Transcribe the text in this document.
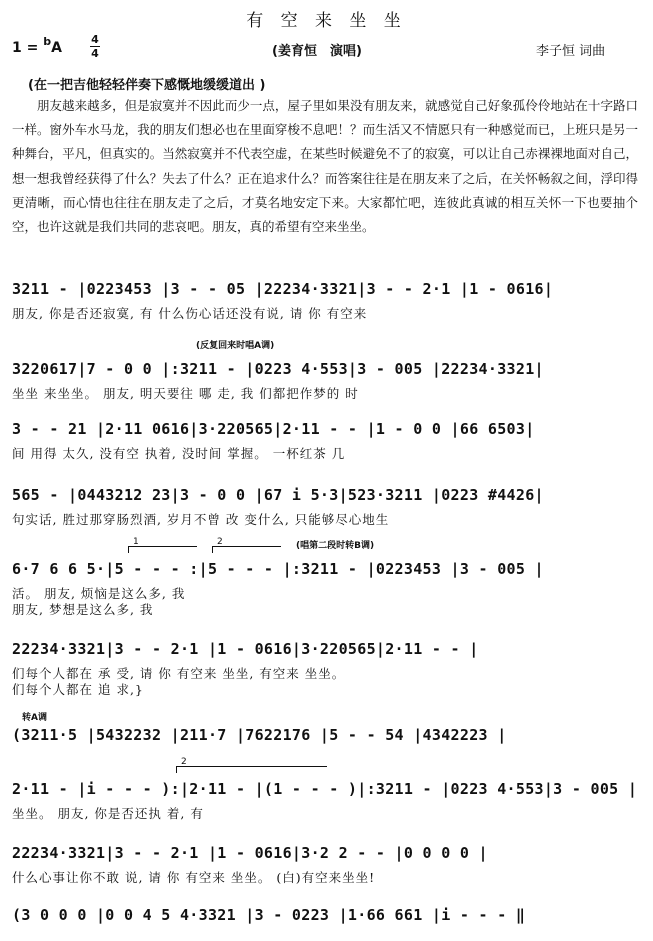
有 空 来 坐 坐
1 = $^b$A
4
4	(姜育恒　演唱)	李子恒 词曲
(在一把吉他轻轻伴奏下感慨地缓缓道出 )
朋友越来越多，但是寂寞并不因此而少一点，屋子里如果没有朋友来，就感觉自己好象孤伶伶地站在十字路口一样。窗外车水马龙，我的朋友们想必也在里面穿梭不息吧！？而生活又不情愿只有一种感觉而已，上班只是另一种舞台，平凡，但真实的。当然寂寞并不代表空虚，在某些时候避免不了的寂寞，可以让自己赤裸裸地面对自己，想一想我曾经获得了什么？失去了什么？正在追求什么？而答案往往是在朋友来了之后，在关怀畅叙之间，浮印得更清晰，而心情也往往在朋友走了之后，才莫名地安定下来。大家都忙吧，连彼此真诚的相互关怀一下也要抽个空，也许这就是我们共同的悲哀吧。朋友，真的希望有空来坐坐。
3211 - |0223453 |3 - - 05 |22234·3321|3 - - 2·1 |1 - 0616|
朋友, 你是否还寂寞, 有 什么伤心话还没有说, 请 你 有空来
(反复回来时唱A调)
3220617|7 - 0 0 |:3211 - |0223 4·553|3 - 005 |22234·3321|
坐坐 来坐坐。 朋友, 明天要往 哪 走, 我 们都把作梦的 时
3 - - 21 |2·11 0616|3·220565|2·11 - - |1 - 0 0 |66 6503|
间 用得 太久, 没有空 执着, 没时间 掌握。 一杯红茶 几
565 - |0443212 23|3 - 0 0 |67 i 5·3|523·3211 |0223 #4426|
句实话, 胜过那穿肠烈酒, 岁月不曾 改 变什么, 只能够尽心地生
1	2	(唱第二段时转B调)
6·7 6 6 5·|5 - - - :|5 - - - |:3211 - |0223453 |3 - 005 |
活。 朋友, 烦恼是这么多, 我
朋友, 梦想是这么多, 我
22234·3321|3 - - 2·1 |1 - 0616|3·220565|2·11 - - |
们每个人都在 承 受, 请 你 有空来 坐坐, 有空来 坐坐。
们每个人都在 追 求,}
转A调
(3211·5 |5432232 |211·7 |7622176 |5 - - 54 |4342223 |
2
2·11 - |i - - - ):|2·11 - |(1 - - - )|:3211 - |0223 4·553|3 - 005 |
坐坐。 朋友, 你是否还执 着, 有
22234·3321|3 - - 2·1 |1 - 0616|3·2 2 - - |0 0 0 0 |
什么心事让你不敢 说, 请 你 有空来 坐坐。 (白)有空来坐坐!
(3 0 0 0 |0 0 4 5 4·3321 |3 - 0223 |1·66 661 |i - - - ‖
